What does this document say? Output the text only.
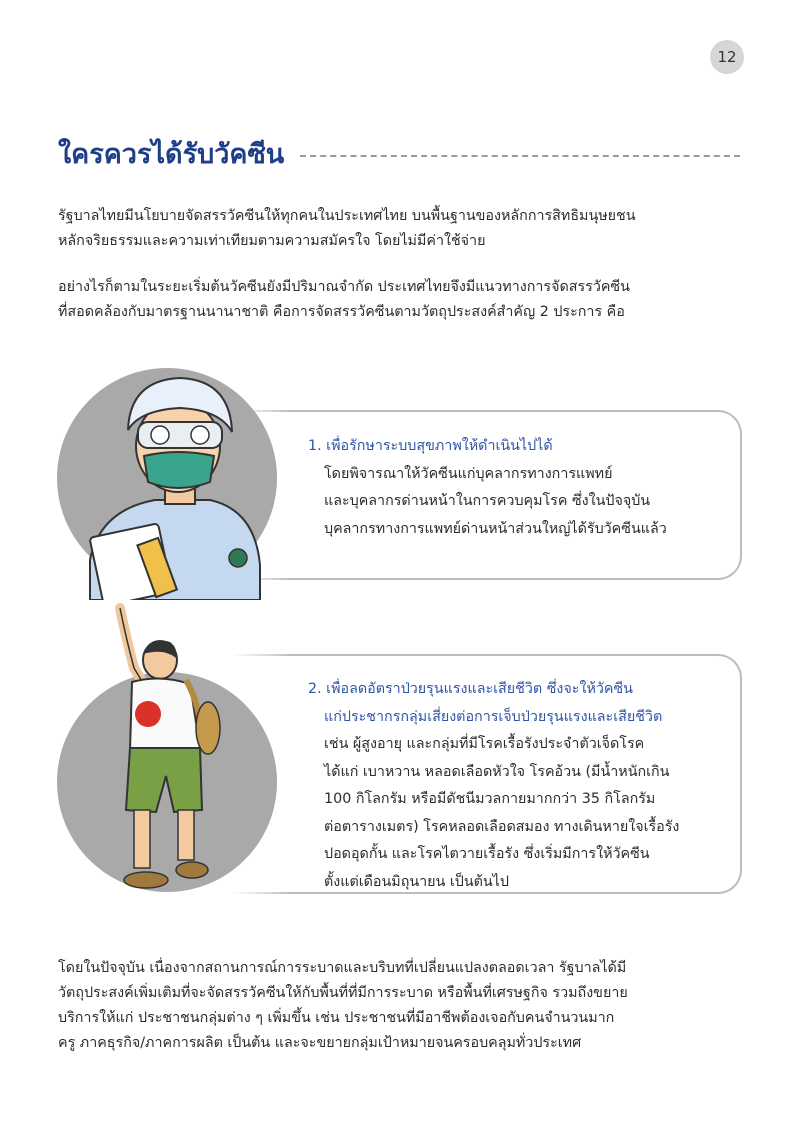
12
ใครควรได้รับวัคซีน
รัฐบาลไทยมีนโยบายจัดสรรวัคซีนให้ทุกคนในประเทศไทย บนพื้นฐานของหลักการสิทธิมนุษยชน
หลักจริยธรรมและความเท่าเทียมตามความสมัครใจ โดยไม่มีค่าใช้จ่าย
อย่างไรก็ตามในระยะเริ่มต้นวัคซีนยังมีปริมาณจำกัด ประเทศไทยจึงมีแนวทางการจัดสรรวัคซีน
ที่สอดคล้องกับมาตรฐานนานาชาติ คือการจัดสรรวัคซีนตามวัตถุประสงค์สำคัญ 2 ประการ คือ
1. เพื่อรักษาระบบสุขภาพให้ดำเนินไปได้
โดยพิจารณาให้วัคซีนแก่บุคลากรทางการแพทย์
และบุคลากรด่านหน้าในการควบคุมโรค ซึ่งในปัจจุบัน
บุคลากรทางการแพทย์ด่านหน้าส่วนใหญ่ได้รับวัคซีนแล้ว
2. เพื่อลดอัตราป่วยรุนแรงและเสียชีวิต ซึ่งจะให้วัคซีน
แก่ประชากรกลุ่มเสี่ยงต่อการเจ็บป่วยรุนแรงและเสียชีวิต
เช่น ผู้สูงอายุ และกลุ่มที่มีโรคเรื้อรังประจำตัวเจ็ดโรค
ได้แก่ เบาหวาน หลอดเลือดหัวใจ โรคอ้วน (มีน้ำหนักเกิน
100 กิโลกรัม หรือมีดัชนีมวลกายมากกว่า 35 กิโลกรัม
ต่อตารางเมตร) โรคหลอดเลือดสมอง ทางเดินหายใจเรื้อรัง
ปอดอุดกั้น และโรคไตวายเรื้อรัง ซึ่งเริ่มมีการให้วัคซีน
ตั้งแต่เดือนมิถุนายน เป็นต้นไป
โดยในปัจจุบัน เนื่องจากสถานการณ์การระบาดและบริบทที่เปลี่ยนแปลงตลอดเวลา รัฐบาลได้มี
วัตถุประสงค์เพิ่มเติมที่จะจัดสรรวัคซีนให้กับพื้นที่ที่มีการระบาด หรือพื้นที่เศรษฐกิจ รวมถึงขยาย
บริการให้แก่ ประชาชนกลุ่มต่าง ๆ เพิ่มขึ้น เช่น ประชาชนที่มีอาชีพต้องเจอกับคนจำนวนมาก
ครู ภาคธุรกิจ/ภาคการผลิต เป็นต้น และจะขยายกลุ่มเป้าหมายจนครอบคลุมทั่วประเทศ
